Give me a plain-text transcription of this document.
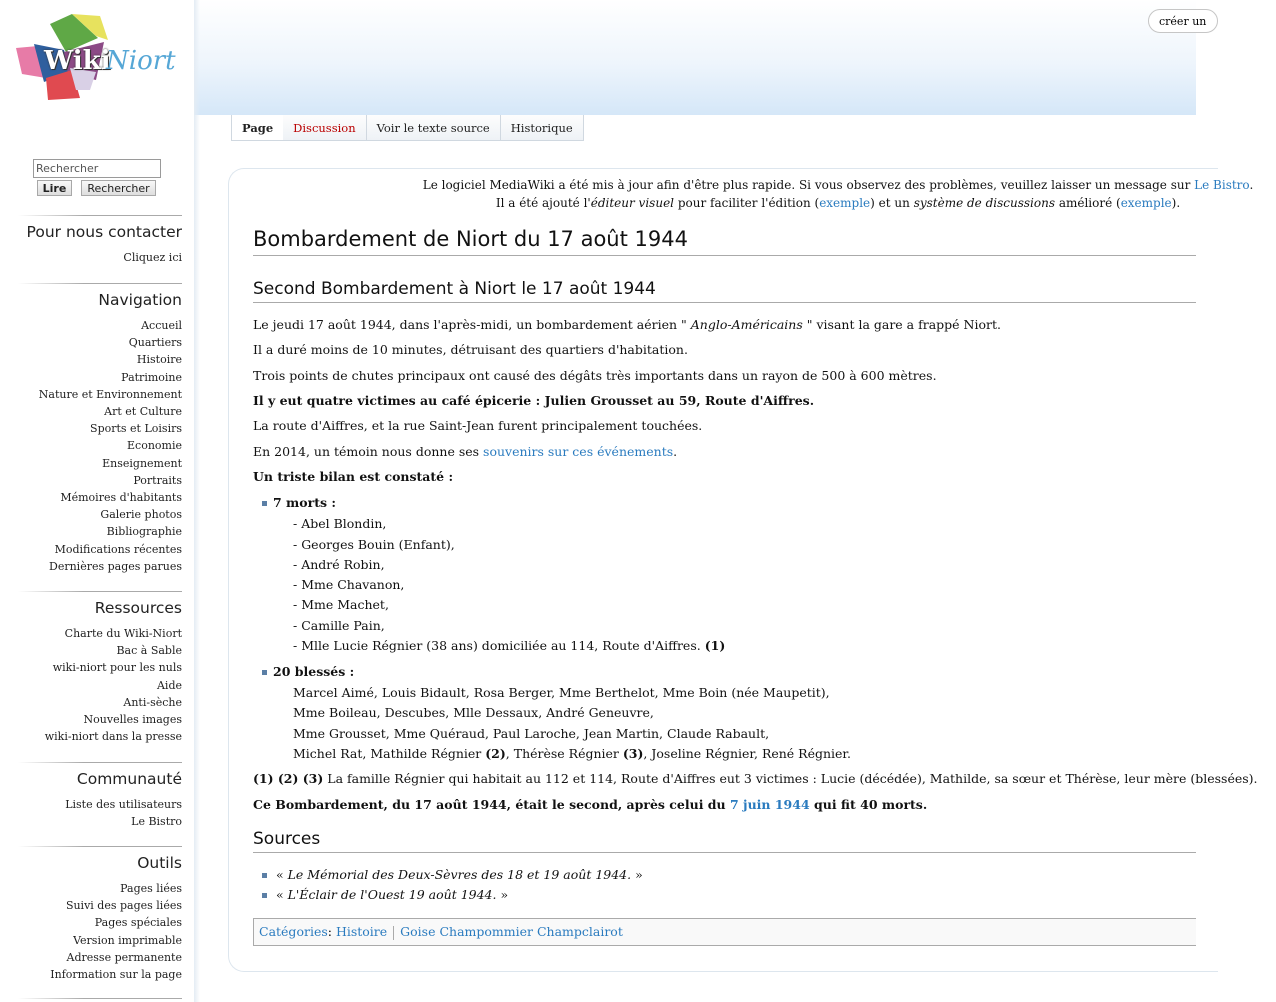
Wiki
Niort
Rechercher
Lire	Rechercher
Pour nous contacter
Cliquez ici
Navigation
Accueil
Quartiers
Histoire
Patrimoine
Nature et Environnement
Art et Culture
Sports et Loisirs
Economie
Enseignement
Portraits
Mémoires d'habitants
Galerie photos
Bibliographie
Modifications récentes
Dernières pages parues
Ressources
Charte du Wiki-Niort
Bac à Sable
wiki-niort pour les nuls
Aide
Anti-sèche
Nouvelles images
wiki-niort dans la presse
Communauté
Liste des utilisateurs
Le Bistro
Outils
Pages liées
Suivi des pages liées
Pages spéciales
Version imprimable
Adresse permanente
Information sur la page
créer un
Page	Discussion	Voir le texte source	Historique
Le logiciel MediaWiki a été mis à jour afin d'être plus rapide. Si vous observez des problèmes, veuillez laisser un message sur Le Bistro.
Il a été ajouté l'éditeur visuel pour faciliter l'édition (exemple) et un système de discussions amélioré (exemple).
Bombardement de Niort du 17 août 1944
Second Bombardement à Niort le 17 août 1944
Le jeudi 17 août 1944, dans l'après-midi, un bombardement aérien " Anglo-Américains " visant la gare a frappé Niort.
Il a duré moins de 10 minutes, détruisant des quartiers d'habitation.
Trois points de chutes principaux ont causé des dégâts très importants dans un rayon de 500 à 600 mètres.
Il y eut quatre victimes au café épicerie : Julien Grousset au 59, Route d'Aiffres.
La route d'Aiffres, et la rue Saint-Jean furent principalement touchées.
En 2014, un témoin nous donne ses souvenirs sur ces événements.
Un triste bilan est constaté :
7 morts :
- Abel Blondin,
- Georges Bouin (Enfant),
- André Robin,
- Mme Chavanon,
- Mme Machet,
- Camille Pain,
- Mlle Lucie Régnier (38 ans) domiciliée au 114, Route d'Aiffres. (1)
20 blessés :
Marcel Aimé, Louis Bidault, Rosa Berger, Mme Berthelot, Mme Boin (née Maupetit),
Mme Boileau, Descubes, Mlle Dessaux, André Geneuvre,
Mme Grousset, Mme Quéraud, Paul Laroche, Jean Martin, Claude Rabault,
Michel Rat, Mathilde Régnier (2), Thérèse Régnier (3), Joseline Régnier, René Régnier.
(1) (2) (3) La famille Régnier qui habitait au 112 et 114, Route d'Aiffres eut 3 victimes : Lucie (décédée), Mathilde, sa sœur et Thérèse, leur mère (blessées).
Ce Bombardement, du 17 août 1944, était le second, après celui du 7 juin 1944 qui fit 40 morts.
Sources
« Le Mémorial des Deux-Sèvres des 18 et 19 août 1944. »
« L'Éclair de l'Ouest 19 août 1944. »
Catégories: Histoire Goise Champommier Champclairot
